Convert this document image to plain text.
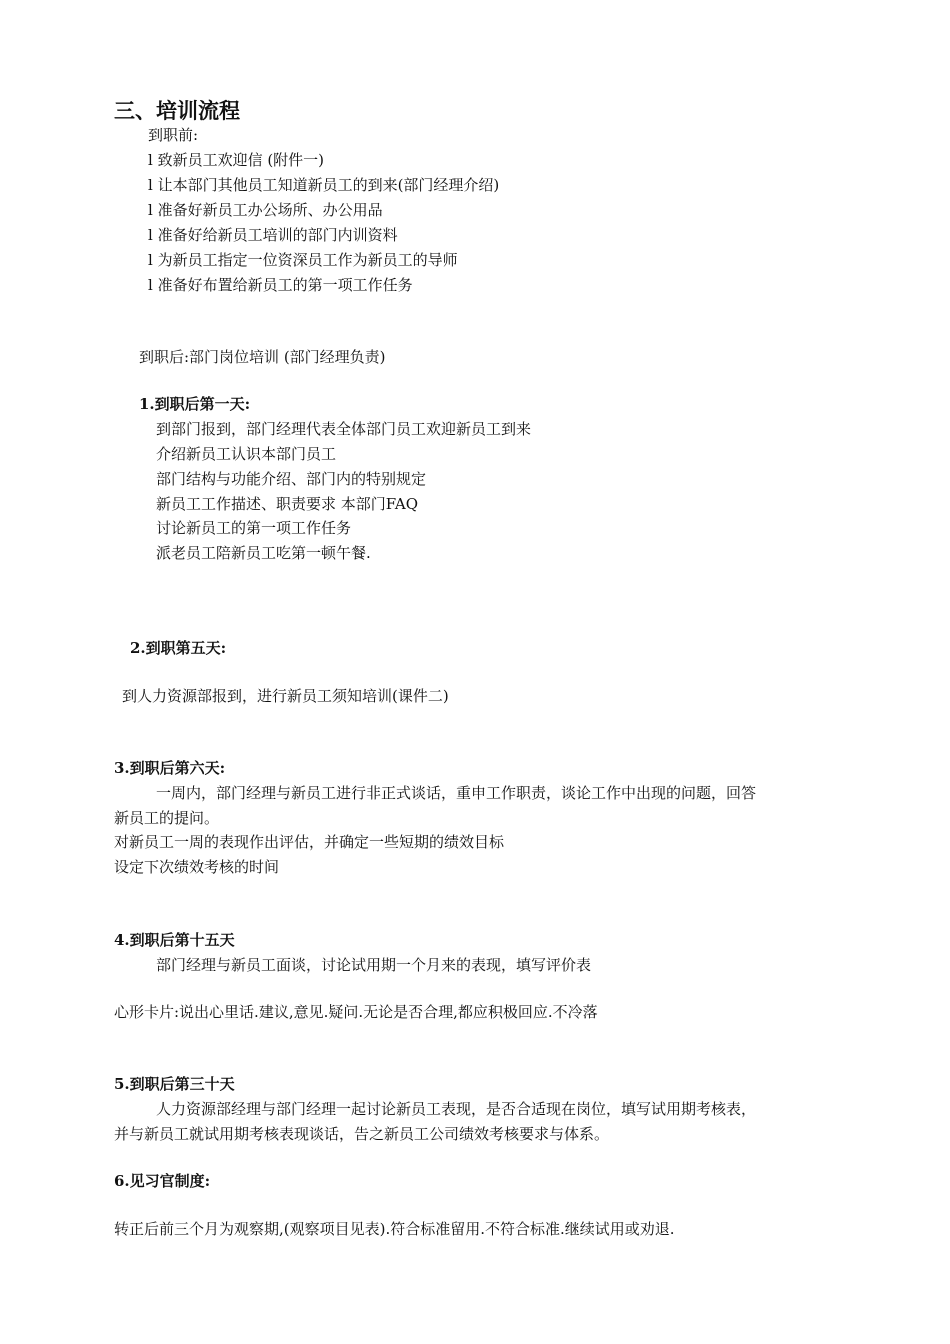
三、培训流程
到职前:
l 致新员工欢迎信 (附件一)
l 让本部门其他员工知道新员工的到来(部门经理介绍)
l 准备好新员工办公场所、办公用品
l 准备好给新员工培训的部门内训资料
l 为新员工指定一位资深员工作为新员工的导师
l 准备好布置给新员工的第一项工作任务
到职后:部门岗位培训 (部门经理负责)
1.到职后第一天:
到部门报到，部门经理代表全体部门员工欢迎新员工到来
介绍新员工认识本部门员工
部门结构与功能介绍、部门内的特别规定
新员工工作描述、职责要求 本部门FAQ
讨论新员工的第一项工作任务
派老员工陪新员工吃第一顿午餐.
2.到职第五天:
到人力资源部报到，进行新员工须知培训(课件二)
3.到职后第六天:
一周内，部门经理与新员工进行非正式谈话，重申工作职责，谈论工作中出现的问题，回答
新员工的提问。
对新员工一周的表现作出评估，并确定一些短期的绩效目标
设定下次绩效考核的时间
4.到职后第十五天
部门经理与新员工面谈，讨论试用期一个月来的表现，填写评价表
心形卡片:说出心里话.建议,意见.疑问.无论是否合理,都应积极回应.不冷落
5.到职后第三十天
人力资源部经理与部门经理一起讨论新员工表现，是否合适现在岗位，填写试用期考核表，
并与新员工就试用期考核表现谈话，告之新员工公司绩效考核要求与体系。
6.见习官制度:
转正后前三个月为观察期,(观察项目见表).符合标准留用.不符合标准.继续试用或劝退.
